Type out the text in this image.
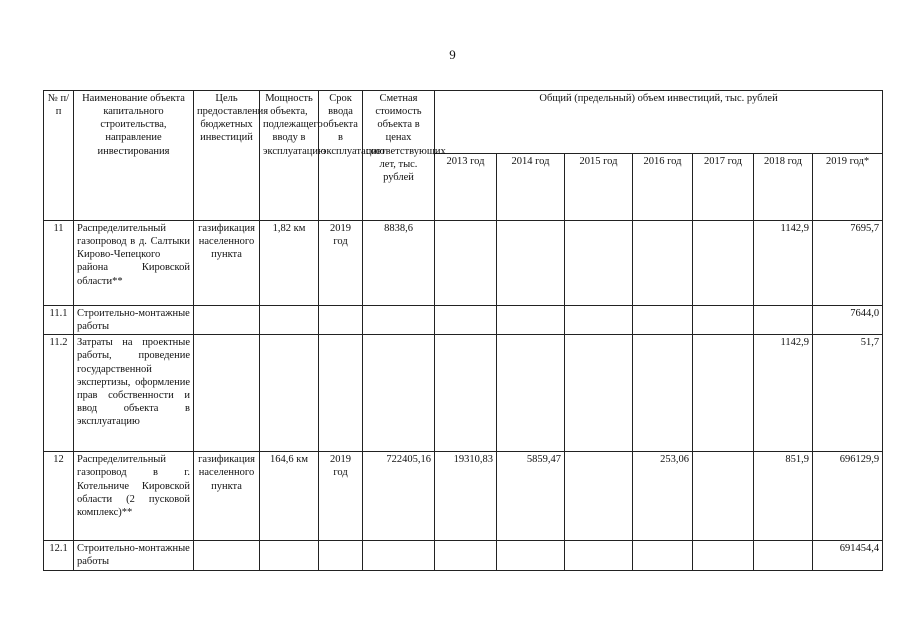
9
№ п/п	Наименование объекта капитального строительства, направление инвестирования	Цель предоставления бюджетных инвестиций	Мощность объекта, подлежащего вводу в эксплуатацию	Срок ввода объекта в эксплуатацию	Сметная стоимость объекта в ценах соответствующих лет, тыс. рублей	Общий (предельный) объем инвестиций, тыс. рублей						
						2013 год	2014 год	2015 год	2016 год	2017 год	2018 год	2019 год*
11	Распределительный газопровод в д. Салтыки Кирово-Чепецкого района Кировской области**	газификация населенного пункта	1,82 км	2019 год	8838,6						1142,9	7695,7
11.1	Строительно-монтажные работы											7644,0
11.2	Затраты на проектные работы, проведение государственной экспертизы, оформление прав собственности и ввод объекта в эксплуатацию										1142,9	51,7
12	Распределительный газопровод в г. Котельниче Кировской области (2 пусковой комплекс)**	газификация населенного пункта	164,6 км	2019 год	722405,16	19310,83	5859,47		253,06		851,9	696129,9
12.1	Строительно-монтажные работы											691454,4
